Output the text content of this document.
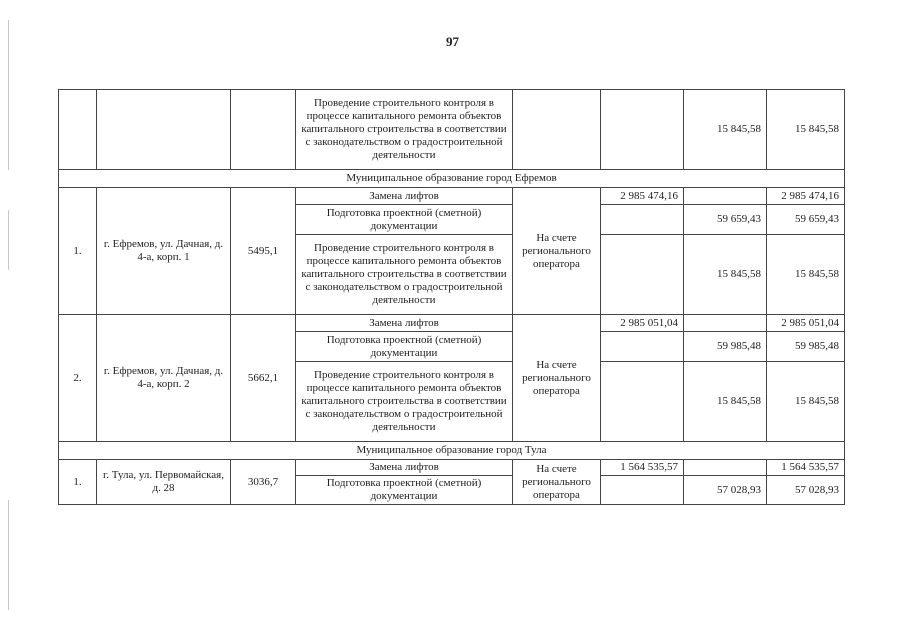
97
			Проведение строительного контроля в процессе капитального ремонта объектов капитального строительства в соответствии с законодательством о градостроительной деятельности			15 845,58	15 845,58
Муниципальное образование город Ефремов							
1.	г. Ефремов, ул. Дачная, д. 4-а, корп. 1	5495,1	Замена лифтов	На счете регионального оператора	2 985 474,16		2 985 474,16
			Подготовка проектной (сметной) документации			59 659,43	59 659,43
			Проведение строительного контроля в процессе капитального ремонта объектов капитального строительства в соответствии с законодательством о градостроительной деятельности			15 845,58	15 845,58
2.	г. Ефремов, ул. Дачная, д. 4-а, корп. 2	5662,1	Замена лифтов	На счете регионального оператора	2 985 051,04		2 985 051,04
			Подготовка проектной (сметной) документации			59 985,48	59 985,48
			Проведение строительного контроля в процессе капитального ремонта объектов капитального строительства в соответствии с законодательством о градостроительной деятельности			15 845,58	15 845,58
Муниципальное образование город Тула							
1.	г. Тула, ул. Первомайская, д. 28	3036,7	Замена лифтов	На счете регионального оператора	1 564 535,57		1 564 535,57
			Подготовка проектной (сметной) документации			57 028,93	57 028,93
